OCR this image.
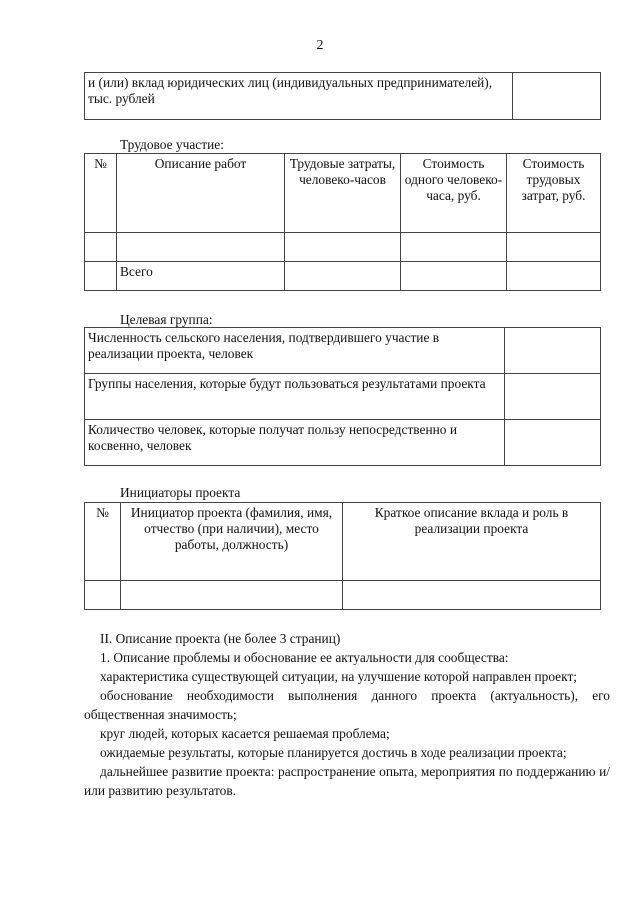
2
и (или) вклад юридических лиц (индивидуальных предпринимателей), тыс. рублей	
Трудовое участие:
№	Описание работ	Трудовые затраты, человеко-часов	Стоимость одного человеко-часа, руб.	Стоимость трудовых затрат, руб.

	Всего			
Целевая группа:
Численность сельского населения, подтвердившего участие в реализации проекта, человек	
Группы населения, которые будут пользоваться результатами проекта	
Количество человек, которые получат пользу непосредственно и косвенно, человек	
Инициаторы проекта
№	Инициатор проекта (фамилия, имя, отчество (при наличии), место работы, должность)	Краткое описание вклада и роль в реализации проекта

II. Описание проекта (не более 3 страниц)

1. Описание проблемы и обоснование ее актуальности для сообщества:

характеристика существующей ситуации, на улучшение которой направлен проект;

обоснование необходимости выполнения данного проекта (актуальность), его общественная значимость;

круг людей, которых касается решаемая проблема;

ожидаемые результаты, которые планируется достичь в ходе реализации проекта;

дальнейшее развитие проекта: распространение опыта, мероприятия по поддержанию и/или развитию результатов.
